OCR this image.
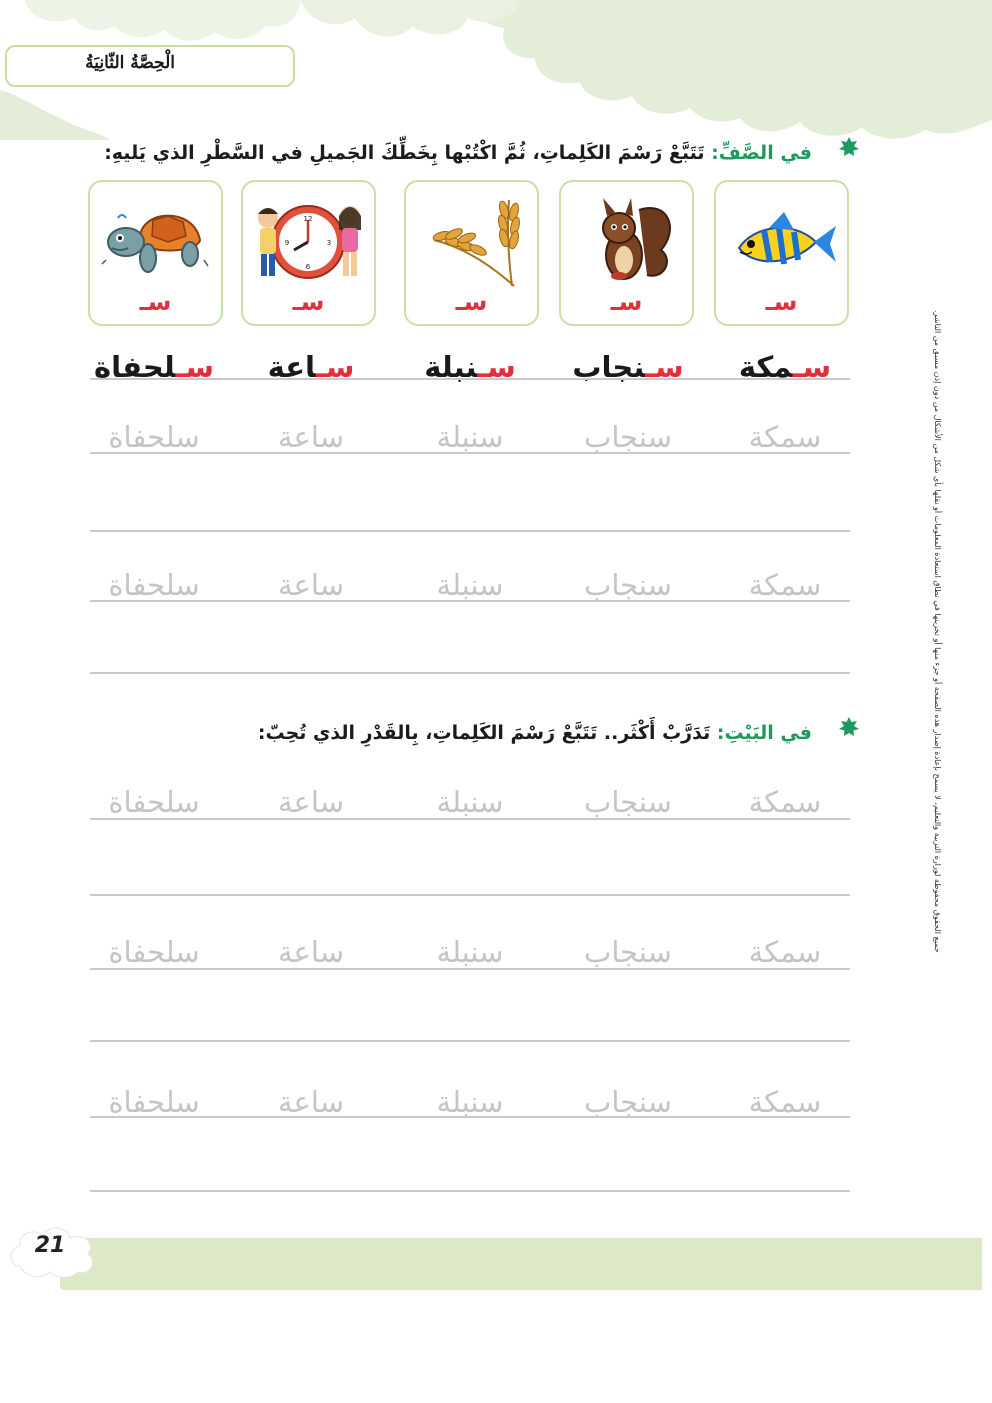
الْحِصَّةُ الثّانِيَةُ
في الصَّفِّ: تَتَبَّعْ رَسْمَ الكَلِماتِ، ثُمَّ اكْتُبْها بِخَطِّكَ الجَميلِ في السَّطْرِ الذي يَليهِ:
سـ
سـ
سـ
12
3
6
9
سـ
سـ
سـمكة
سـنجاب
سـنبلة
سـاعة
سـلحفاة
سمكة
سنجاب
سنبلة
ساعة
سلحفاة
سمكة
سنجاب
سنبلة
ساعة
سلحفاة
في البَيْتِ: تَدَرَّبْ أَكْثَر.. تَتَبَّعْ رَسْمَ الكَلِماتِ، بِالقَدْرِ الذي تُحِبّ:
سمكة
سنجاب
سنبلة
ساعة
سلحفاة
سمكة
سنجاب
سنبلة
ساعة
سلحفاة
سمكة
سنجاب
سنبلة
ساعة
سلحفاة
جميع الحقوق محفوظة لوزارة التربية والتعليم، لا يسمح بإعادة إصدار هذه الصفحة أو جزء منها أو تخزينها في نطاق استعادة المعلومات أو نقلها بأي شكل من الأشكال من دون إذن مسبق من الناشر.
21
